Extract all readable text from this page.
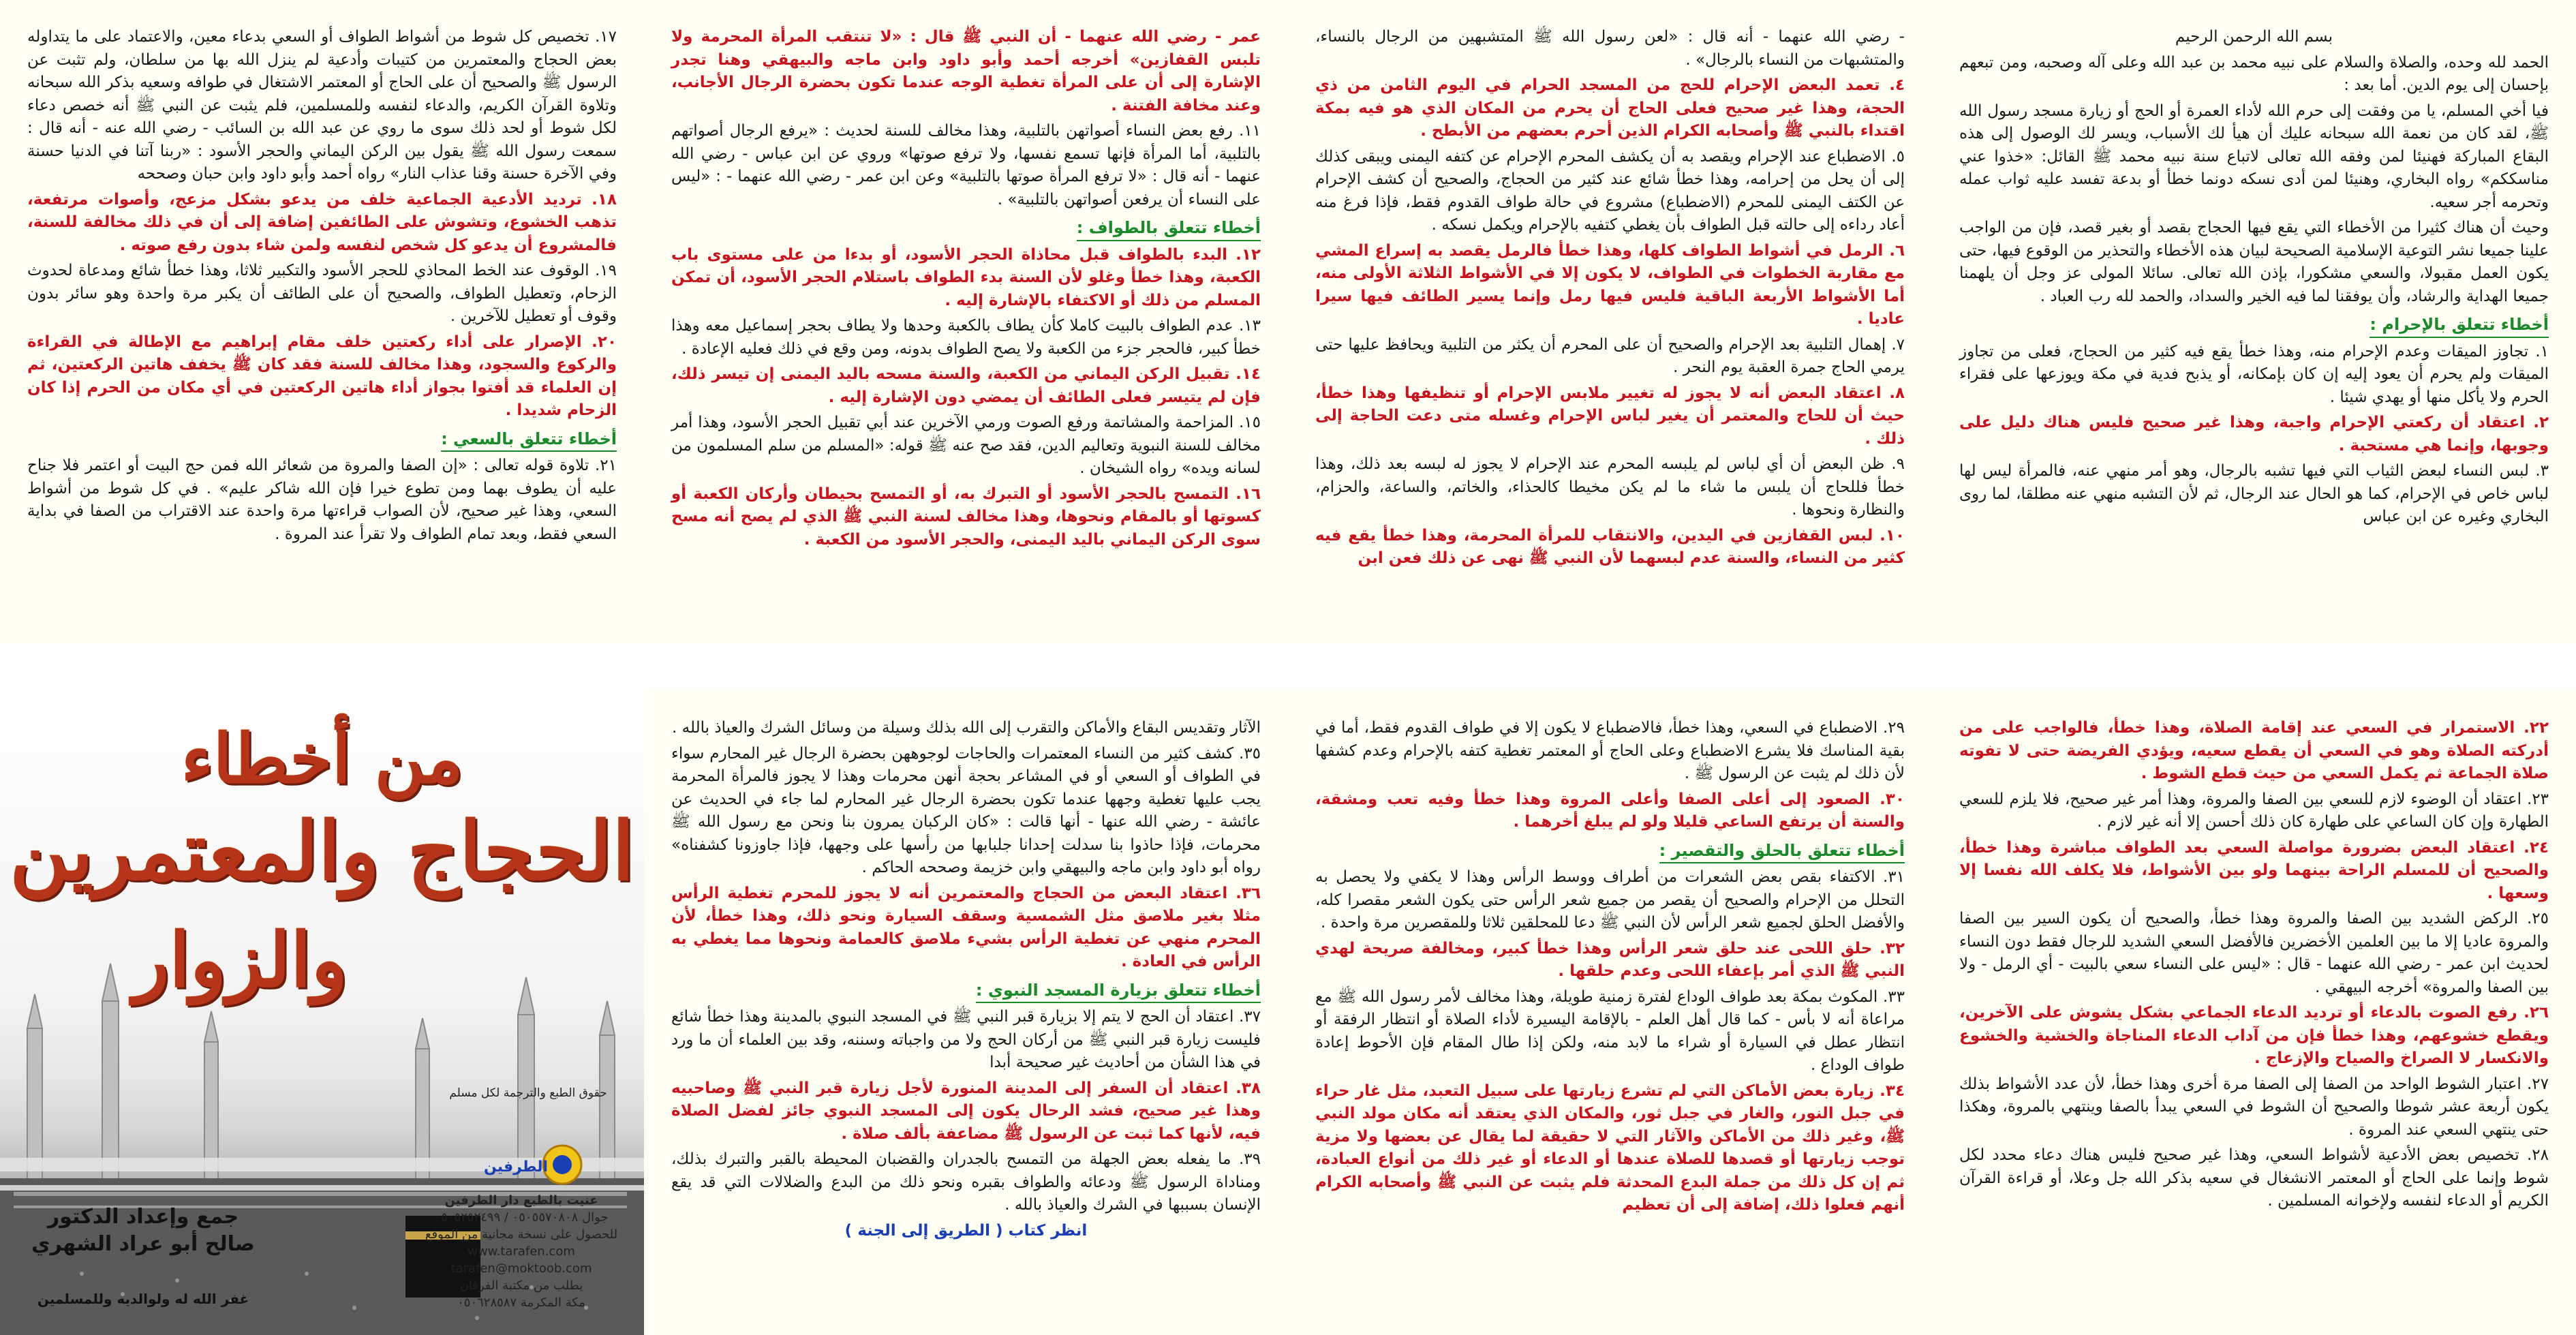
بسم الله الرحمن الرحيم

الحمد لله وحده، والصلاة والسلام على نبيه محمد بن عبد الله وعلى آله وصحبه، ومن تبعهم بإحسان إلى يوم الدين. أما بعد :

فيا أخي المسلم، يا من وفقت إلى حرم الله لأداء العمرة أو الحج أو زيارة مسجد رسول الله ﷺ، لقد كان من نعمة الله سبحانه عليك أن هيأ لك الأسباب، ويسر لك الوصول إلى هذه البقاع المباركة فهنيئا لمن وفقه الله تعالى لاتباع سنة نبيه محمد ﷺ القائل: «خذوا عني مناسككم» رواه البخاري، وهنيئا لمن أدى نسكه دونما خطأ أو بدعة تفسد عليه ثواب عمله وتحرمه أجر سعيه.

وحيث أن هناك كثيرا من الأخطاء التي يقع فيها الحجاج بقصد أو بغير قصد، فإن من الواجب علينا جميعا نشر التوعية الإسلامية الصحيحة لبيان هذه الأخطاء والتحذير من الوقوع فيها، حتى يكون العمل مقبولا، والسعي مشكورا، بإذن الله تعالى. سائلا المولى عز وجل أن يلهمنا جميعا الهداية والرشاد، وأن يوفقنا لما فيه الخير والسداد، والحمد لله رب العباد .

أخطاء تتعلق بالإحرام :

١. تجاوز الميقات وعدم الإحرام منه، وهذا خطأ يقع فيه كثير من الحجاج، فعلى من تجاوز الميقات ولم يحرم أن يعود إليه إن كان بإمكانه، أو يذبح فدية في مكة ويوزعها على فقراء الحرم ولا يأكل منها أو يهدي شيئا .

٢. اعتقاد أن ركعتي الإحرام واجبة، وهذا غير صحيح فليس هناك دليل على وجوبها، وإنما هي مستحبة .

٣. لبس النساء لبعض الثياب التي فيها تشبه بالرجال، وهو أمر منهي عنه، فالمرأة ليس لها لباس خاص في الإحرام، كما هو الحال عند الرجال، ثم لأن التشبه منهي عنه مطلقا، لما روى البخاري وغيره عن ابن عباس

- رضي الله عنهما - أنه قال : «لعن رسول الله ﷺ المتشبهين من الرجال بالنساء، والمتشبهات من النساء بالرجال» .

٤. تعمد البعض الإحرام للحج من المسجد الحرام في اليوم الثامن من ذي الحجة، وهذا غير صحيح فعلى الحاج أن يحرم من المكان الذي هو فيه بمكة اقتداء بالنبي ﷺ وأصحابه الكرام الذين أحرم بعضهم من الأبطح .

٥. الاضطباع عند الإحرام ويقصد به أن يكشف المحرم الإحرام عن كتفه اليمنى ويبقى كذلك إلى أن يحل من إحرامه، وهذا خطأ شائع عند كثير من الحجاج، والصحيح أن كشف الإحرام عن الكتف اليمنى للمحرم (الاضطباع) مشروع في حالة طواف القدوم فقط، فإذا فرغ منه أعاد رداءه إلى حالته قبل الطواف بأن يغطي كتفيه بالإحرام ويكمل نسكه .

٦. الرمل في أشواط الطواف كلها، وهذا خطأ فالرمل يقصد به إسراع المشي مع مقاربة الخطوات في الطواف، لا يكون إلا في الأشواط الثلاثة الأولى منه، أما الأشواط الأربعة الباقية فليس فيها رمل وإنما يسير الطائف فيها سيرا عاديا .

٧. إهمال التلبية بعد الإحرام والصحيح أن على المحرم أن يكثر من التلبية ويحافظ عليها حتى يرمي الحاج جمرة العقبة يوم النحر .

٨. اعتقاد البعض أنه لا يجوز له تغيير ملابس الإحرام أو تنظيفها وهذا خطأ، حيث أن للحاج والمعتمر أن يغير لباس الإحرام وغسله متى دعت الحاجة إلى ذلك .

٩. ظن البعض أن أي لباس لم يلبسه المحرم عند الإحرام لا يجوز له لبسه بعد ذلك، وهذا خطأ فللحاج أن يلبس ما شاء ما لم يكن مخيطا كالحذاء، والخاتم، والساعة، والحزام، والنظارة ونحوها .

١٠. لبس القفازين في اليدين، والانتقاب للمرأة المحرمة، وهذا خطأ يقع فيه كثير من النساء، والسنة عدم لبسهما لأن النبي ﷺ نهى عن ذلك فعن ابن

عمر - رضي الله عنهما - أن النبي ﷺ قال : «لا تنتقب المرأة المحرمة ولا تلبس القفازين» أخرجه أحمد وأبو داود وابن ماجه والبيهقي وهنا تجدر الإشارة إلى أن على المرأة تغطية الوجه عندما تكون بحضرة الرجال الأجانب، وعند مخافة الفتنة .

١١. رفع بعض النساء أصواتهن بالتلبية، وهذا مخالف للسنة لحديث : «يرفع الرجال أصواتهم بالتلبية، أما المرأة فإنها تسمع نفسها، ولا ترفع صوتها» وروي عن ابن عباس - رضي الله عنهما - أنه قال : «لا ترفع المرأة صوتها بالتلبية» وعن ابن عمر - رضي الله عنهما - : «ليس على النساء أن يرفعن أصواتهن بالتلبية» .

أخطاء تتعلق بالطواف :

١٢. البدء بالطواف قبل محاذاة الحجر الأسود، أو بدءا من على مستوى باب الكعبة، وهذا خطأ وغلو لأن السنة بدء الطواف باستلام الحجر الأسود، أن تمكن المسلم من ذلك أو الاكتفاء بالإشارة إليه .

١٣. عدم الطواف بالبيت كاملا كأن يطاف بالكعبة وحدها ولا يطاف بحجر إسماعيل معه وهذا خطأ كبير، فالحجر جزء من الكعبة ولا يصح الطواف بدونه، ومن وقع في ذلك فعليه الإعادة .

١٤. تقبيل الركن اليماني من الكعبة، والسنة مسحه باليد اليمنى إن تيسر ذلك، فإن لم يتيسر فعلى الطائف أن يمضي دون الإشارة إليه .

١٥. المزاحمة والمشاتمة ورفع الصوت ورمي الآخرين عند أبي تقبيل الحجر الأسود، وهذا أمر مخالف للسنة النبوية وتعاليم الدين، فقد صح عنه ﷺ قوله: «المسلم من سلم المسلمون من لسانه ويده» رواه الشيخان .

١٦. التمسح بالحجر الأسود أو التبرك به، أو التمسح بحيطان وأركان الكعبة أو كسوتها أو بالمقام ونحوها، وهذا مخالف لسنة النبي ﷺ الذي لم يصح أنه مسح سوى الركن اليماني باليد اليمنى، والحجر الأسود من الكعبة .

١٧. تخصيص كل شوط من أشواط الطواف أو السعي بدعاء معين، والاعتماد على ما يتداوله بعض الحجاج والمعتمرين من كتيبات وأدعية لم ينزل الله بها من سلطان، ولم تثبت عن الرسول ﷺ والصحيح أن على الحاج أو المعتمر الاشتغال في طوافه وسعيه بذكر الله سبحانه وتلاوة القرآن الكريم، والدعاء لنفسه وللمسلمين، فلم يثبت عن النبي ﷺ أنه خصص دعاء لكل شوط أو لحد ذلك سوى ما روي عن عبد الله بن السائب - رضي الله عنه - أنه قال : سمعت رسول الله ﷺ يقول بين الركن اليماني والحجر الأسود : «ربنا آتنا في الدنيا حسنة وفي الآخرة حسنة وقنا عذاب النار» رواه أحمد وأبو داود وابن حبان وصححه

١٨. ترديد الأدعية الجماعية خلف من يدعو بشكل مزعج، وأصوات مرتفعة، تذهب الخشوع، وتشوش على الطائفين إضافة إلى أن في ذلك مخالفة للسنة، فالمشروع أن يدعو كل شخص لنفسه ولمن شاء بدون رفع صوته .

١٩. الوقوف عند الخط المحاذي للحجر الأسود والتكبير ثلاثا، وهذا خطأ شائع ومدعاة لحدوث الزحام، وتعطيل الطواف، والصحيح أن على الطائف أن يكبر مرة واحدة وهو سائر بدون وقوف أو تعطيل للآخرين .

٢٠. الإصرار على أداء ركعتين خلف مقام إبراهيم مع الإطالة في القراءة والركوع والسجود، وهذا مخالف للسنة فقد كان ﷺ يخفف هاتين الركعتين، ثم إن العلماء قد أفتوا بجواز أداء هاتين الركعتين في أي مكان من الحرم إذا كان الزحام شديدا .

أخطاء تتعلق بالسعي :

٢١. تلاوة قوله تعالى : «إن الصفا والمروة من شعائر الله فمن حج البيت أو اعتمر فلا جناح عليه أن يطوف بهما ومن تطوع خيرا فإن الله شاكر عليم» . في كل شوط من أشواط السعي، وهذا غير صحيح، لأن الصواب قراءتها مرة واحدة عند الاقتراب من الصفا في بداية السعي فقط، وبعد تمام الطواف ولا تقرأ عند المروة .

٢٢. الاستمرار في السعي عند إقامة الصلاة، وهذا خطأ، فالواجب على من أدركته الصلاة وهو في السعي أن يقطع سعيه، ويؤدي الفريضة حتى لا تفوته صلاة الجماعة ثم يكمل السعي من حيث قطع الشوط .

٢٣. اعتقاد أن الوضوء لازم للسعي بين الصفا والمروة، وهذا أمر غير صحيح، فلا يلزم للسعي الطهارة وإن كان الساعي على طهارة كان ذلك أحسن إلا أنه غير لازم .

٢٤. اعتقاد البعض بضرورة مواصلة السعي بعد الطواف مباشرة وهذا خطأ، والصحيح أن للمسلم الراحة بينهما ولو بين الأشواط، فلا يكلف الله نفسا إلا وسعها .

٢٥. الركض الشديد بين الصفا والمروة وهذا خطأ، والصحيح أن يكون السير بين الصفا والمروة عاديا إلا ما بين العلمين الأخضرين فالأفضل السعي الشديد للرجال فقط دون النساء لحديث ابن عمر - رضي الله عنهما - قال : «ليس على النساء سعي بالبيت - أي الرمل - ولا بين الصفا والمروة» أخرجه البيهقي .

٢٦. رفع الصوت بالدعاء أو ترديد الدعاء الجماعي بشكل يشوش على الآخرين، ويقطع خشوعهم، وهذا خطأ فإن من آداب الدعاء المناجاة والخشية والخشوع والانكسار لا الصراخ والصياح والإزعاج .

٢٧. اعتبار الشوط الواحد من الصفا إلى الصفا مرة أخرى وهذا خطأ، لأن عدد الأشواط بذلك يكون أربعة عشر شوطا والصحيح أن الشوط في السعي يبدأ بالصفا وينتهي بالمروة، وهكذا حتى ينتهي السعي عند المروة .

٢٨. تخصيص بعض الأدعية لأشواط السعي، وهذا غير صحيح فليس هناك دعاء محدد لكل شوط وإنما على الحاج أو المعتمر الانشغال في سعيه بذكر الله جل وعلا، أو قراءة القرآن الكريم أو الدعاء لنفسه ولإخوانه المسلمين .

٢٩. الاضطباع في السعي، وهذا خطأ، فالاضطباع لا يكون إلا في طواف القدوم فقط، أما في بقية المناسك فلا يشرع الاضطباع وعلى الحاج أو المعتمر تغطية كتفه بالإحرام وعدم كشفها لأن ذلك لم يثبت عن الرسول ﷺ .

٣٠. الصعود إلى أعلى الصفا وأعلى المروة وهذا خطأ وفيه تعب ومشقة، والسنة أن يرتفع الساعي قليلا ولو لم يبلغ أخرهما .

أخطاء تتعلق بالحلق والتقصير :

٣١. الاكتفاء بقص بعض الشعرات من أطراف ووسط الرأس وهذا لا يكفي ولا يحصل به التحلل من الإحرام والصحيح أن يقصر من جميع شعر الرأس حتى يكون الشعر مقصرا كله، والأفضل الحلق لجميع شعر الرأس لأن النبي ﷺ دعا للمحلقين ثلاثا وللمقصرين مرة واحدة .

٣٢. حلق اللحى عند حلق شعر الرأس وهذا خطأ كبير، ومخالفة صريحة لهدي النبي ﷺ الذي أمر بإعفاء اللحى وعدم حلقها .

٣٣. المكوث بمكة بعد طواف الوداع لفترة زمنية طويلة، وهذا مخالف لأمر رسول الله ﷺ مع مراعاة أنه لا بأس - كما قال أهل العلم - بالإقامة اليسيرة لأداء الصلاة أو انتظار الرفقة أو انتظار عطل في السيارة أو شراء ما لابد منه، ولكن إذا طال المقام فإن الأحوط إعادة طواف الوداع .

٣٤. زيارة بعض الأماكن التي لم تشرع زيارتها على سبيل التعبد، مثل غار حراء في جبل النور، والغار في جبل ثور، والمكان الذي يعتقد أنه مكان مولد النبي ﷺ، وغير ذلك من الأماكن والآثار التي لا حقيقة لما يقال عن بعضها ولا مزية توجب زيارتها أو قصدها للصلاة عندها أو الدعاء أو غير ذلك من أنواع العبادة، ثم إن كل ذلك من جملة البدع المحدثة فلم يثبت عن النبي ﷺ وأصحابه الكرام أنهم فعلوا ذلك، إضافة إلى أن تعظيم

الآثار وتقديس البقاع والأماكن والتقرب إلى الله بذلك وسيلة من وسائل الشرك والعياذ بالله .

٣٥. كشف كثير من النساء المعتمرات والحاجات لوجوههن بحضرة الرجال غير المحارم سواء في الطواف أو السعي أو في المشاعر بحجة أنهن محرمات وهذا لا يجوز فالمرأة المحرمة يجب عليها تغطية وجهها عندما تكون بحضرة الرجال غير المحارم لما جاء في الحديث عن عائشة - رضي الله عنها - أنها قالت : «كان الركبان يمرون بنا ونحن مع رسول الله ﷺ محرمات، فإذا حاذوا بنا سدلت إحدانا جلبابها من رأسها على وجهها، فإذا جاوزونا كشفناه» رواه أبو داود وابن ماجه والبيهقي وابن خزيمة وصححه الحاكم .

٣٦. اعتقاد البعض من الحجاج والمعتمرين أنه لا يجوز للمحرم تغطية الرأس مثلا بغير ملاصق مثل الشمسية وسقف السيارة ونحو ذلك، وهذا خطأ، لأن المحرم منهي عن تغطية الرأس بشيء ملاصق كالعمامة ونحوها مما يغطي به الرأس في العادة .

أخطاء تتعلق بزيارة المسجد النبوي :

٣٧. اعتقاد أن الحج لا يتم إلا بزيارة قبر النبي ﷺ في المسجد النبوي بالمدينة وهذا خطأ شائع فليست زيارة قبر النبي ﷺ من أركان الحج ولا من واجباته وسننه، وقد بين العلماء أن ما ورد في هذا الشأن من أحاديث غير صحيحة أبدا

٣٨. اعتقاد أن السفر إلى المدينة المنورة لأجل زيارة قبر النبي ﷺ وصاحبيه وهذا غير صحيح، فشد الرحال يكون إلى المسجد النبوي جائز لفضل الصلاة فيه، لأنها كما ثبت عن الرسول ﷺ مضاعفة بألف صلاة .

٣٩. ما يفعله بعض الجهلة من التمسح بالجدران والقضبان المحيطة بالقبر والتبرك بذلك، ومناداة الرسول ﷺ ودعائه والطواف بقبره ونحو ذلك من البدع والضلالات التي قد يقع الإنسان بسببها في الشرك والعياذ بالله .

انظر كتاب ( الطريق إلى الجنة )

من أخطاء
الحجاج والمعتمرين
والزوار
حقوق الطبع والترجمة لكل مسلم
الطرفين
عنيت بالطبع دار الطرفين
جوال ٠٥٠٥٥٧٠٨٠٨ / ٠٥٠٥٢٥٢٤٩٩
للحصول على نسخة مجانية من الموقع
www.tarafen.com
tarafen@moktoob.com
يطلب من مكتبة الفرقان
مكة المكرمة ٠٥٠٦٢٨٥٨٧
جمع وإعداد الدكتور
صالح أبو عراد الشهري
غفر الله له ولوالديه وللمسلمين
